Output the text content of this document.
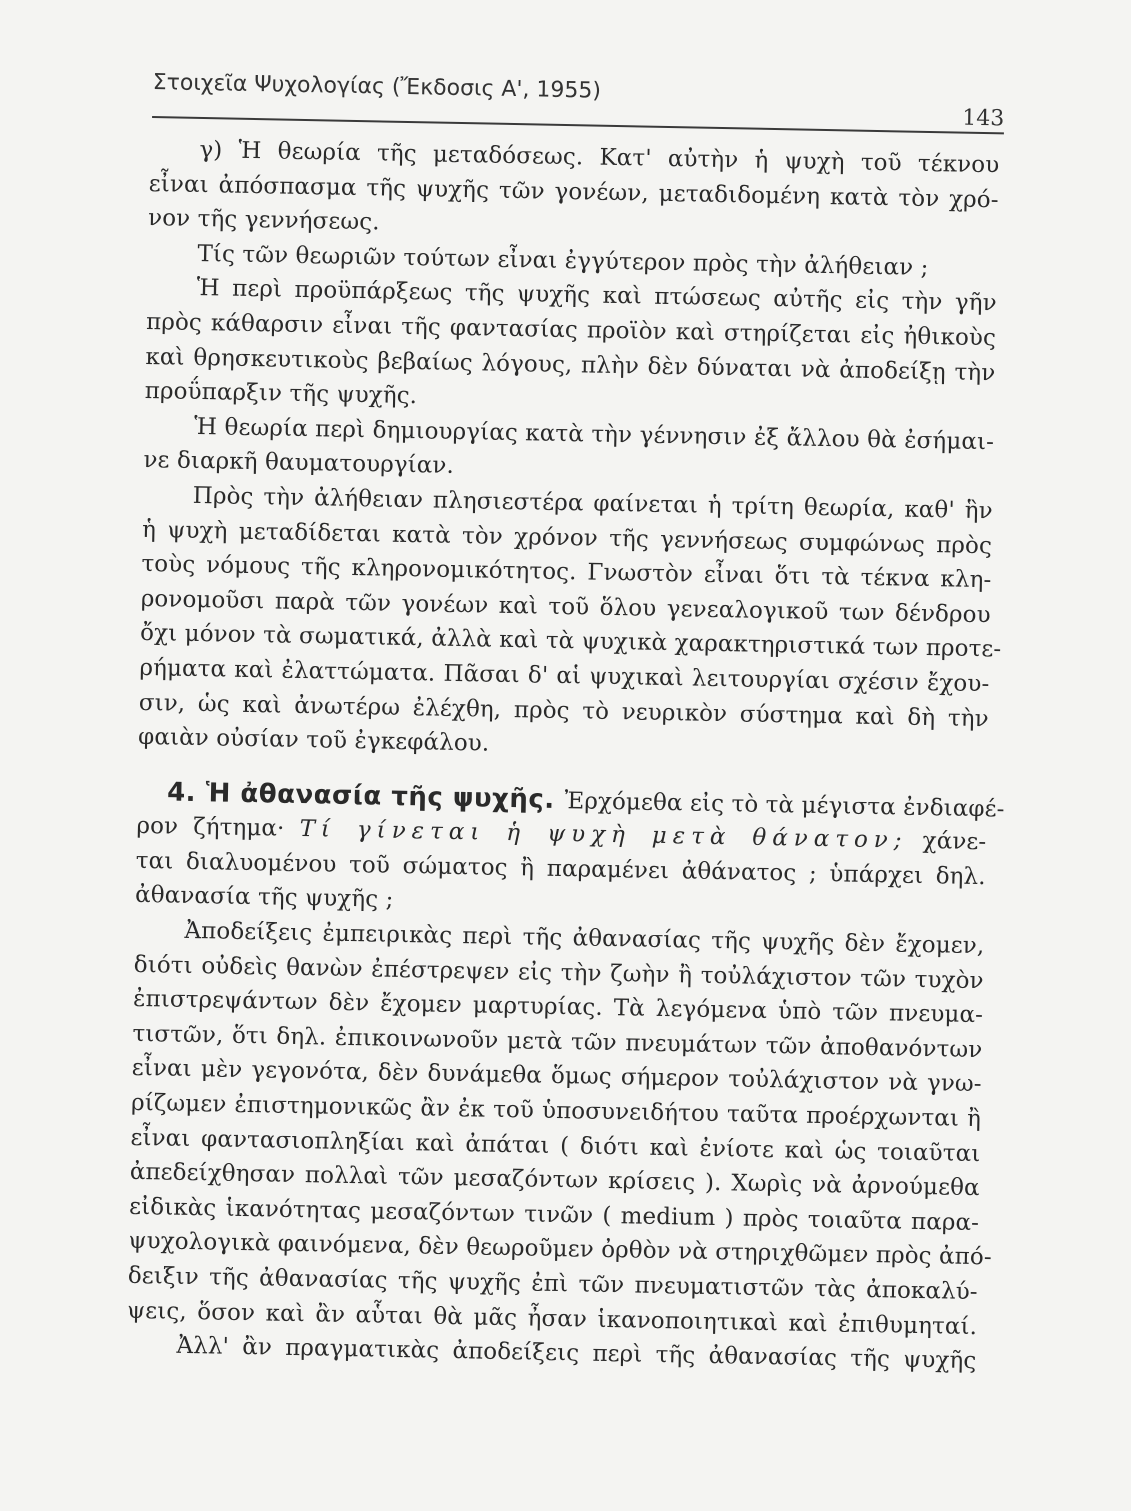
Στοιχεῖα Ψυχολογίας (Ἔκδοσις Α', 1955)
143
γ) Ἡ θεωρία τῆς μεταδόσεως. Κατ' αὐτὴν ἡ ψυχὴ τοῦ τέκνου
εἶναι ἀπόσπασμα τῆς ψυχῆς τῶν γονέων, μεταδιδομένη κατὰ τὸν χρό-
νον τῆς γεννήσεως.
Τίς τῶν θεωριῶν τούτων εἶναι ἐγγύτερον πρὸς τὴν ἀλήθειαν ;
Ἡ περὶ προϋπάρξεως τῆς ψυχῆς καὶ πτώσεως αὐτῆς εἰς τὴν γῆν
πρὸς κάθαρσιν εἶναι τῆς φαντασίας προϊὸν καὶ στηρίζεται εἰς ἠθικοὺς
καὶ θρησκευτικοὺς βεβαίως λόγους, πλὴν δὲν δύναται νὰ ἀποδείξῃ τὴν
προΰπαρξιν τῆς ψυχῆς.
Ἡ θεωρία περὶ δημιουργίας κατὰ τὴν γέννησιν ἐξ ἄλλου θὰ ἐσήμαι-
νε διαρκῆ θαυματουργίαν.
Πρὸς τὴν ἀλήθειαν πλησιεστέρα φαίνεται ἡ τρίτη θεωρία, καθ' ἣν
ἡ ψυχὴ μεταδίδεται κατὰ τὸν χρόνον τῆς γεννήσεως συμφώνως πρὸς
τοὺς νόμους τῆς κληρονομικότητος. Γνωστὸν εἶναι ὅτι τὰ τέκνα κλη-
ρονομοῦσι παρὰ τῶν γονέων καὶ τοῦ ὅλου γενεαλογικοῦ των δένδρου
ὄχι μόνον τὰ σωματικά, ἀλλὰ καὶ τὰ ψυχικὰ χαρακτηριστικά των προτε-
ρήματα καὶ ἐλαττώματα. Πᾶσαι δ' αἱ ψυχικαὶ λειτουργίαι σχέσιν ἔχου-
σιν, ὡς καὶ ἀνωτέρω ἐλέχθη, πρὸς τὸ νευρικὸν σύστημα καὶ δὴ τὴν
φαιὰν οὐσίαν τοῦ ἐγκεφάλου.
4. Ἡ ἀθανασία τῆς ψυχῆς. Ἐρχόμεθα εἰς τὸ τὰ μέγιστα ἐνδιαφέ-
ρον ζήτημα· Τί γίνεται ἡ ψυχὴ μετὰ θάνατον; χάνε-
ται διαλυομένου τοῦ σώματος ἢ παραμένει ἀθάνατος ; ὑπάρχει δηλ.
ἀθανασία τῆς ψυχῆς ;
Ἀποδείξεις ἐμπειρικὰς περὶ τῆς ἀθανασίας τῆς ψυχῆς δὲν ἔχομεν,
διότι οὐδεὶς θανὼν ἐπέστρεψεν εἰς τὴν ζωὴν ἢ τοὐλάχιστον τῶν τυχὸν
ἐπιστρεψάντων δὲν ἔχομεν μαρτυρίας. Τὰ λεγόμενα ὑπὸ τῶν πνευμα-
τιστῶν, ὅτι δηλ. ἐπικοινωνοῦν μετὰ τῶν πνευμάτων τῶν ἀποθανόντων
εἶναι μὲν γεγονότα, δὲν δυνάμεθα ὅμως σήμερον τοὐλάχιστον νὰ γνω-
ρίζωμεν ἐπιστημονικῶς ἂν ἐκ τοῦ ὑποσυνειδήτου ταῦτα προέρχωνται ἢ
εἶναι φαντασιοπληξίαι καὶ ἀπάται ( διότι καὶ ἐνίοτε καὶ ὡς τοιαῦται
ἀπεδείχθησαν πολλαὶ τῶν μεσαζόντων κρίσεις ). Χωρὶς νὰ ἀρνούμεθα
εἰδικὰς ἱκανότητας μεσαζόντων τινῶν ( medium ) πρὸς τοιαῦτα παρα-
ψυχολογικὰ φαινόμενα, δὲν θεωροῦμεν ὀρθὸν νὰ στηριχθῶμεν πρὸς ἀπό-
δειξιν τῆς ἀθανασίας τῆς ψυχῆς ἐπὶ τῶν πνευματιστῶν τὰς ἀποκαλύ-
ψεις, ὅσον καὶ ἂν αὗται θὰ μᾶς ἦσαν ἱκανοποιητικαὶ καὶ ἐπιθυμηταί.
Ἀλλ' ἂν πραγματικὰς ἀποδείξεις περὶ τῆς ἀθανασίας τῆς ψυχῆς
